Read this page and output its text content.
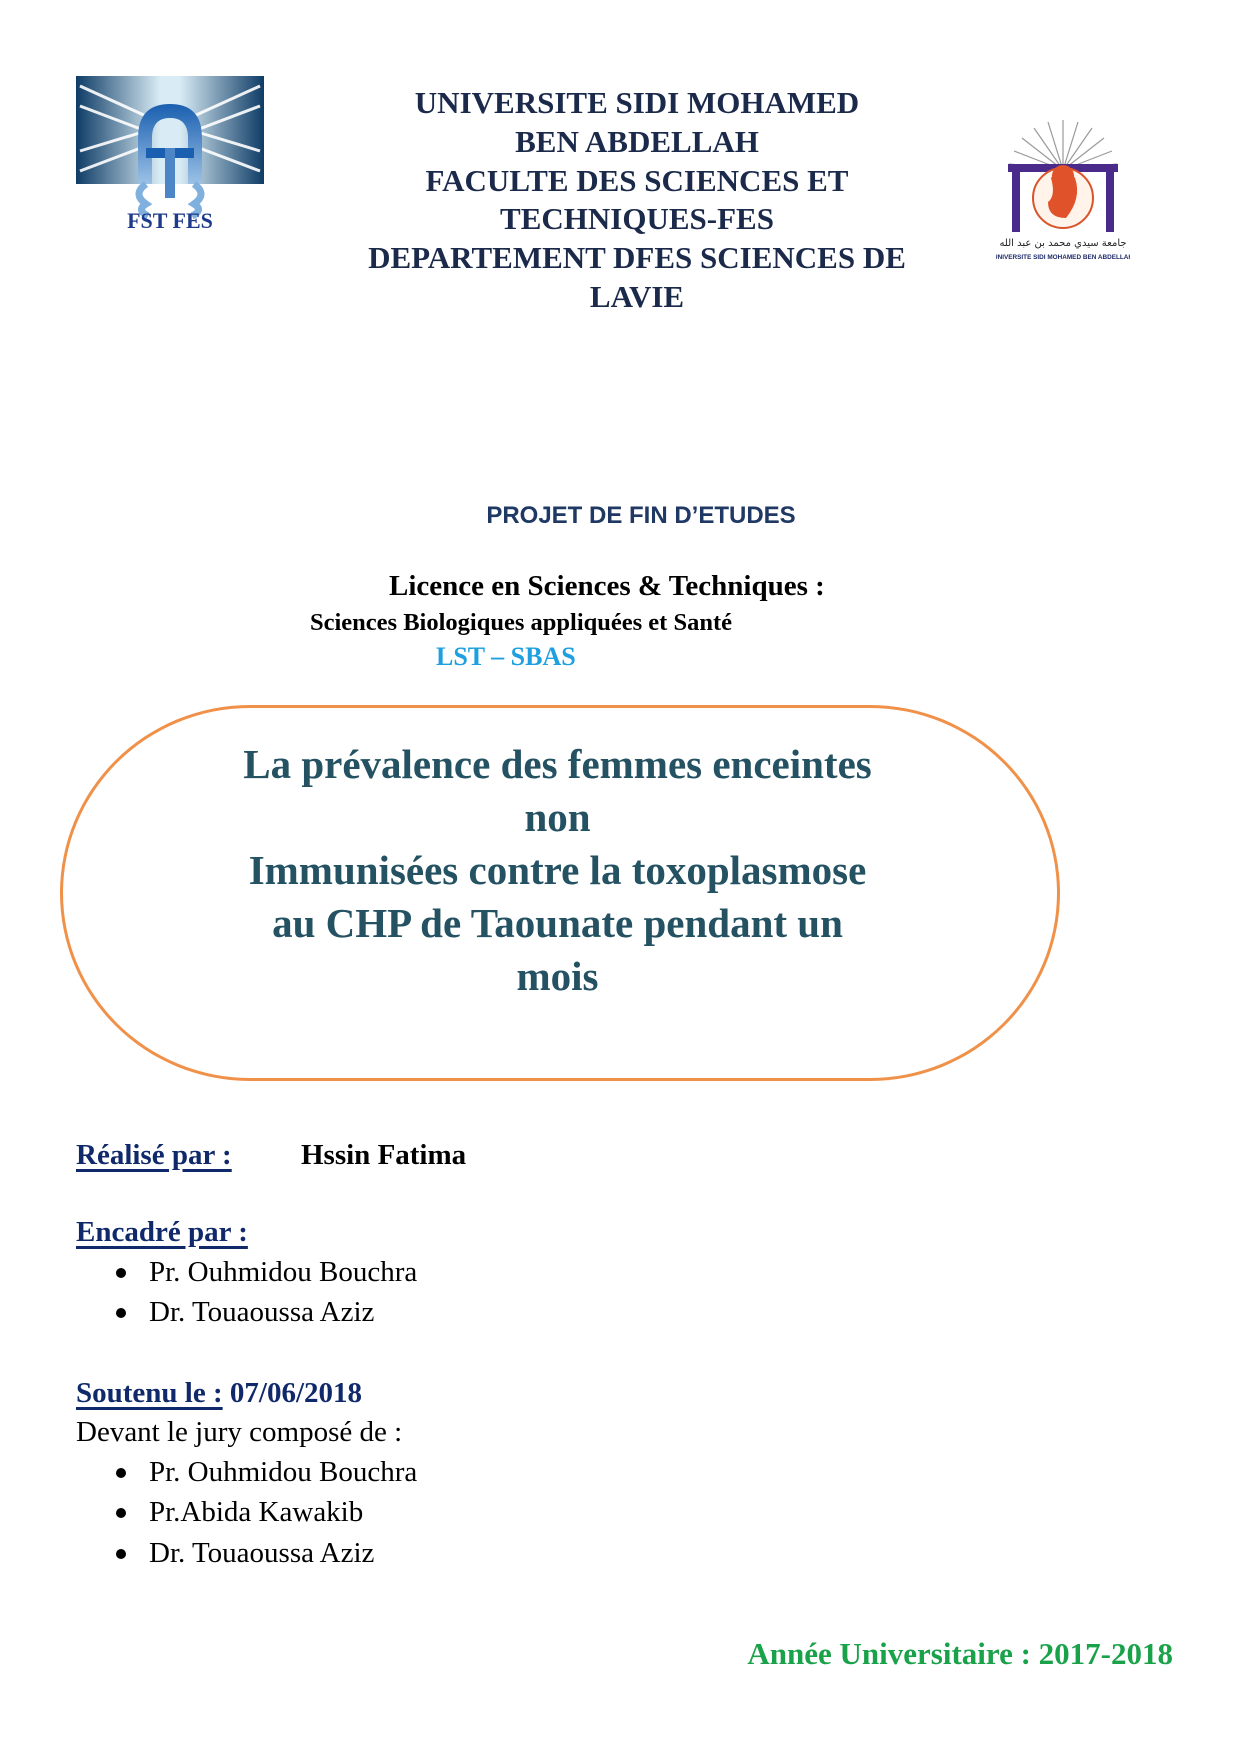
FST FES
UNIVERSITE SIDI MOHAMED
BEN ABDELLAH
FACULTE DES SCIENCES ET
TECHNIQUES-FES
DEPARTEMENT DFES SCIENCES DE
LAVIE
جامعة سيدي محمد بن عبد الله
UNIVERSITE SIDI MOHAMED BEN ABDELLAH
PROJET DE FIN D’ETUDES
Licence en Sciences & Techniques :
Sciences Biologiques appliquées et Santé
LST – SBAS
La prévalence des femmes enceintes
non
Immunisées contre la toxoplasmose
au CHP de Taounate pendant un
mois
Réalisé par : Hssin Fatima
Encadré par :
Pr. Ouhmidou Bouchra
Dr. Touaoussa Aziz
Soutenu le : 07/06/2018
Devant le jury composé de :
Pr. Ouhmidou Bouchra
Pr.Abida Kawakib
Dr. Touaoussa Aziz
Année Universitaire : 2017-2018
